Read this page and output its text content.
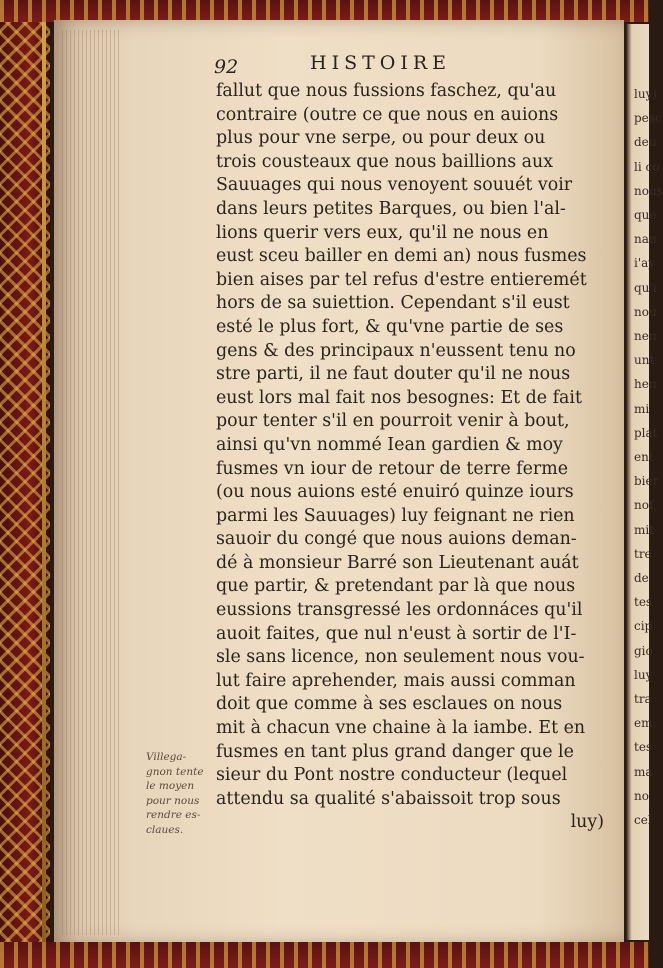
luy)
pesc
deu
li co
nous
que
nan
i'ay
qu'i
nou
nen
unt
hen
mi
plat
ent
bier
nof
mit
tre
de
tes
cip
gio
luy
tra
em
tes
ma
no
cel
92	HISTOIRE
fallut que nous fussions faschez, qu'au
contraire (outre ce que nous en auions
plus pour vne serpe, ou pour deux ou
trois cousteaux que nous baillions aux
Sauuages qui nous venoyent souuét voir
dans leurs petites Barques, ou bien l'al-
lions querir vers eux, qu'il ne nous en
eust sceu bailler en demi an) nous fusmes
bien aises par tel refus d'estre entieremét
hors de sa suiettion. Cependant s'il eust
esté le plus fort, & qu'vne partie de ses
gens & des principaux n'eussent tenu no
stre parti, il ne faut douter qu'il ne nous
eust lors mal fait nos besognes: Et de fait
pour tenter s'il en pourroit venir à bout,
ainsi qu'vn nommé Iean gardien & moy
fusmes vn iour de retour de terre ferme
(ou nous auions esté enuiró quinze iours
parmi les Sauuages) luy feignant ne rien
sauoir du congé que nous auions deman-
dé à monsieur Barré son Lieutenant auát
que partir, & pretendant par là que nous
eussions transgressé les ordonnáces qu'il
auoit faites, que nul n'eust à sortir de l'I-
sle sans licence, non seulement nous vou-
lut faire aprehender, mais aussi comman
doit que comme à ses esclaues on nous
mit à chacun vne chaine à la iambe. Et en
fusmes en tant plus grand danger que le
sieur du Pont nostre conducteur (lequel
attendu sa qualité s'abaissoit trop sous
luy)
Villega-
gnon tente
le moyen
pour nous
rendre es-
claues.
